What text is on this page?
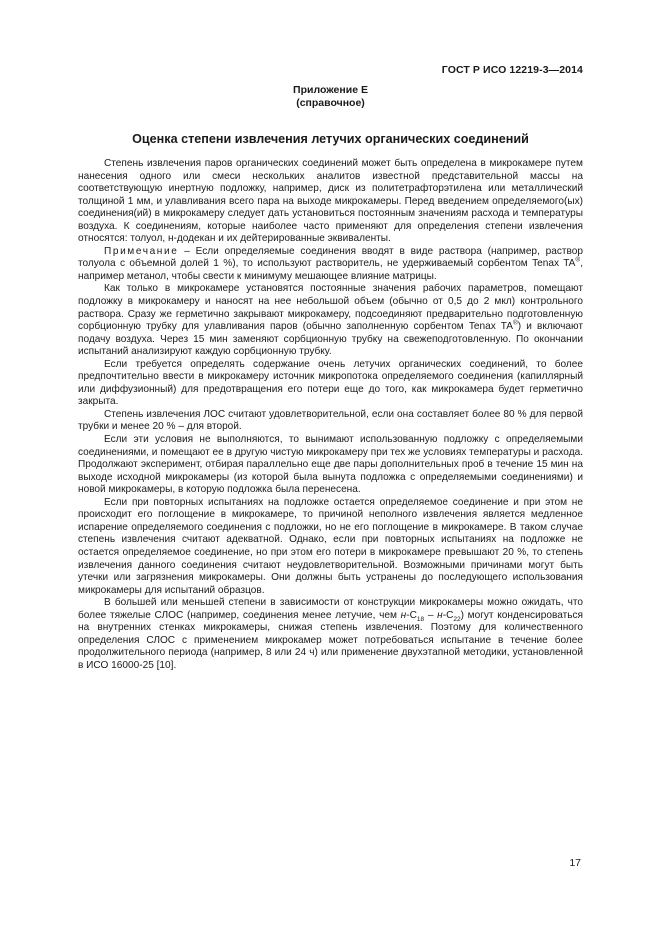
ГОСТ Р ИСО 12219-3—2014
Приложение Е
(справочное)
Оценка степени извлечения летучих органических соединений

Степень извлечения паров органических соединений может быть определена в микрокамере путем нанесения одного или смеси нескольких аналитов известной представительной массы на соответствующую инертную подложку, например, диск из политетрафторэтилена или металлический толщиной 1 мм, и улавливания всего пара на выходе микрокамеры. Перед введением определяемого(ых) соединения(ий) в микрокамеру следует дать установиться постоянным значениям расхода и температуры воздуха. К соединениям, которые наиболее часто применяют для определения степени извлечения относятся: толуол, н-додекан и их дейтерированные эквиваленты.

Примечание – Если определяемые соединения вводят в виде раствора (например, раствор толуола с объемной долей 1 %), то используют растворитель, не удерживаемый сорбентом Tenax TA®, например метанол, чтобы свести к минимуму мешающее влияние матрицы.

Как только в микрокамере установятся постоянные значения рабочих параметров, помещают подложку в микрокамеру и наносят на нее небольшой объем (обычно от 0,5 до 2 мкл) контрольного раствора. Сразу же герметично закрывают микрокамеру, подсоединяют предварительно подготовленную сорбционную трубку для улавливания паров (обычно заполненную сорбентом Tenax TA®) и включают подачу воздуха. Через 15 мин заменяют сорбционную трубку на свежеподготовленную. По окончании испытаний анализируют каждую сорбционную трубку.

Если требуется определять содержание очень летучих органических соединений, то более предпочтительно ввести в микрокамеру источник микропотока определяемого соединения (капиллярный или диффузионный) для предотвращения его потери еще до того, как микрокамера будет герметично закрыта.

Степень извлечения ЛОС считают удовлетворительной, если она составляет более 80 % для первой трубки и менее 20 % – для второй.

Если эти условия не выполняются, то вынимают использованную подложку с определяемыми соединениями, и помещают ее в другую чистую микрокамеру при тех же условиях температуры и расхода. Продолжают эксперимент, отбирая параллельно еще две пары дополнительных проб в течение 15 мин на выходе исходной микрокамеры (из которой была вынута подложка с определяемыми соединениями) и новой микрокамеры, в которую подложка была перенесена.

Если при повторных испытаниях на подложке остается определяемое соединение и при этом не происходит его поглощение в микрокамере, то причиной неполного извлечения является медленное испарение определяемого соединения с подложки, но не его поглощение в микрокамере. В таком случае степень извлечения считают адекватной. Однако, если при повторных испытаниях на подложке не остается определяемое соединение, но при этом его потери в микрокамере превышают 20 %, то степень извлечения данного соединения считают неудовлетворительной. Возможными причинами могут быть утечки или загрязнения микрокамеры. Они должны быть устранены до последующего использования микрокамеры для испытаний образцов.

В большей или меньшей степени в зависимости от конструкции микрокамеры можно ожидать, что более тяжелые СЛОС (например, соединения менее летучие, чем $н-С_{18} - н-С_{22}$) могут конденсироваться на внутренних стенках микрокамеры, снижая степень извлечения. Поэтому для количественного определения СЛОС с применением микрокамер может потребоваться испытание в течение более продолжительного периода (например, 8 или 24 ч) или применение двухэтапной методики, установленной в ИСО 16000-25 [10].

17
